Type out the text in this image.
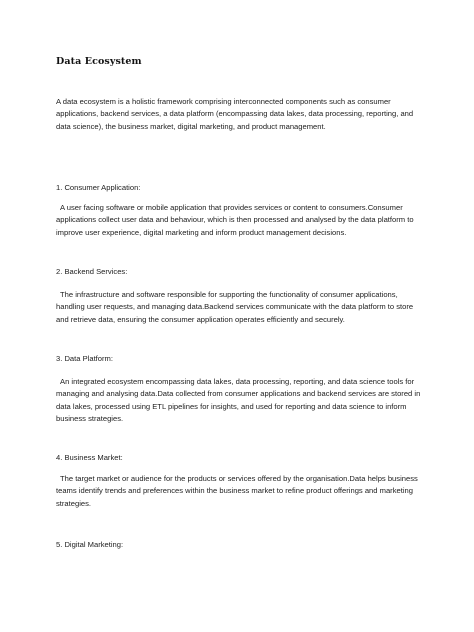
Data Ecosystem
A data ecosystem is a holistic framework comprising interconnected components such as consumer applications, backend services, a data platform (encompassing data lakes, data processing, reporting, and data science), the business market, digital marketing, and product management.
1. Consumer Application:
A user facing software or mobile application that provides services or content to consumers.Consumer applications collect user data and behaviour, which is then processed and analysed by the data platform to improve user experience, digital marketing and inform product management decisions.
2. Backend Services:
The infrastructure and software responsible for supporting the functionality of consumer applications, handling user requests, and managing data.Backend services communicate with the data platform to store and retrieve data, ensuring the consumer application operates efficiently and securely.
3. Data Platform:
An integrated ecosystem encompassing data lakes, data processing, reporting, and data science tools for managing and analysing data.Data collected from consumer applications and backend services are stored in data lakes, processed using ETL pipelines for insights, and used for reporting and data science to inform business strategies.
4. Business Market:
The target market or audience for the products or services offered by the organisation.Data helps business teams identify trends and preferences within the business market to refine product offerings and marketing strategies.
5. Digital Marketing:
